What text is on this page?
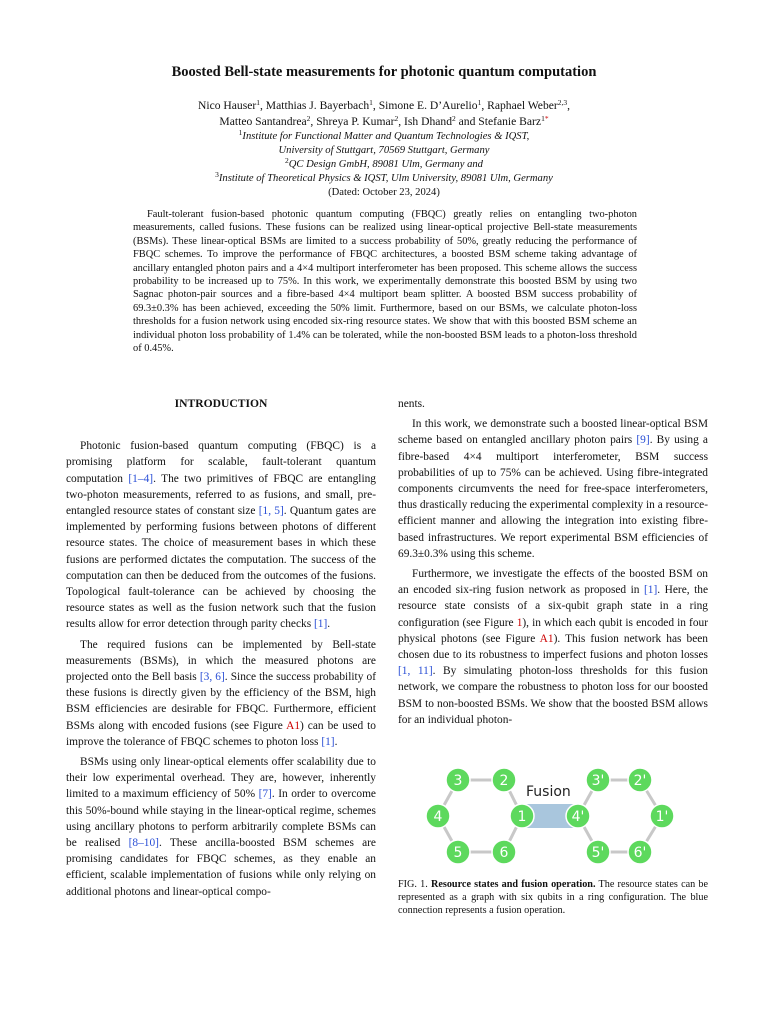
Boosted Bell-state measurements for photonic quantum computation
Nico Hauser$^1$, Matthias J. Bayerbach$^1$, Simone E. D’Aurelio$^1$, Raphael Weber$^{2,3}$,
Matteo Santandrea$^2$, Shreya P. Kumar$^2$, Ish Dhand$^2$ and Stefanie Barz$^{1*}$
$^1$Institute for Functional Matter and Quantum Technologies & IQST,
University of Stuttgart, 70569 Stuttgart, Germany
$^2$QC Design GmbH, 89081 Ulm, Germany and
$^3$Institute of Theoretical Physics & IQST, Ulm University, 89081 Ulm, Germany
(Dated: October 23, 2024)
Fault-tolerant fusion-based photonic quantum computing (FBQC) greatly relies on entangling two-photon measurements, called fusions. These fusions can be realized using linear-optical projective Bell-state measurements (BSMs). These linear-optical BSMs are limited to a success probability of 50%, greatly reducing the performance of FBQC schemes. To improve the performance of FBQC architectures, a boosted BSM scheme taking advantage of ancillary entangled photon pairs and a 4×4 multiport interferometer has been proposed. This scheme allows the success probability to be increased up to 75%. In this work, we experimentally demonstrate this boosted BSM by using two Sagnac photon-pair sources and a fibre-based 4×4 multiport beam splitter. A boosted BSM success probability of 69.3±0.3% has been achieved, exceeding the 50% limit. Furthermore, based on our BSMs, we calculate photon-loss thresholds for a fusion network using encoded six-ring resource states. We show that with this boosted BSM scheme an individual photon loss probability of 1.4% can be tolerated, while the non-boosted BSM leads to a photon-loss threshold of 0.45%.
INTRODUCTION

Photonic fusion-based quantum computing (FBQC) is a promising platform for scalable, fault-tolerant quantum computation [1–4]. The two primitives of FBQC are entangling two-photon measurements, referred to as fusions, and small, pre-entangled resource states of constant size [1, 5]. Quantum gates are implemented by performing fusions between photons of different resource states. The choice of measurement bases in which these fusions are performed dictates the computation. The success of the computation can then be deduced from the outcomes of the fusions. Topological fault-tolerance can be achieved by choosing the resource states as well as the fusion network such that the fusion results allow for error detection through parity checks [1].

The required fusions can be implemented by Bell-state measurements (BSMs), in which the measured photons are projected onto the Bell basis [3, 6]. Since the success probability of these fusions is directly given by the efficiency of the BSM, high BSM efficiencies are desirable for FBQC. Furthermore, efficient BSMs along with encoded fusions (see Figure A1) can be used to improve the tolerance of FBQC schemes to photon loss [1].

BSMs using only linear-optical elements offer scalability due to their low experimental overhead. They are, however, inherently limited to a maximum efficiency of 50% [7]. In order to overcome this 50%-bound while staying in the linear-optical regime, schemes using ancillary photons to perform arbitrarily complete BSMs can be realised [8–10]. These ancilla-boosted BSM schemes are promising candidates for FBQC schemes, as they enable an efficient, scalable implementation of fusions while only relying on additional photons and linear-optical compo-

nents.

In this work, we demonstrate such a boosted linear-optical BSM scheme based on entangled ancillary photon pairs [9]. By using a fibre-based 4×4 multiport interferometer, BSM success probabilities of up to 75% can be achieved. Using fibre-integrated components circumvents the need for free-space interferometers, thus drastically reducing the experimental complexity in a resource-efficient manner and allowing the integration into existing fibre-based infrastructures. We report experimental BSM efficiencies of 69.3±0.3% using this scheme.

Furthermore, we investigate the effects of the boosted BSM on an encoded six-ring fusion network as proposed in [1]. Here, the resource state consists of a six-qubit graph state in a ring configuration (see Figure 1), in which each qubit is encoded in four physical photons (see Figure A1). This fusion network has been chosen due to its robustness to imperfect fusions and photon losses [1, 11]. By simulating photon-loss thresholds for this fusion network, we compare the robustness to photon loss for our boosted BSM to non-boosted BSMs. We show that the boosted BSM allows for an individual photon-

Fusion
1
2
3
4
5	6
1'
2'
3'
4'
5' 6'
FIG. 1. Resource states and fusion operation. The resource states can be represented as a graph with six qubits in a ring configuration. The blue connection represents a fusion operation.
